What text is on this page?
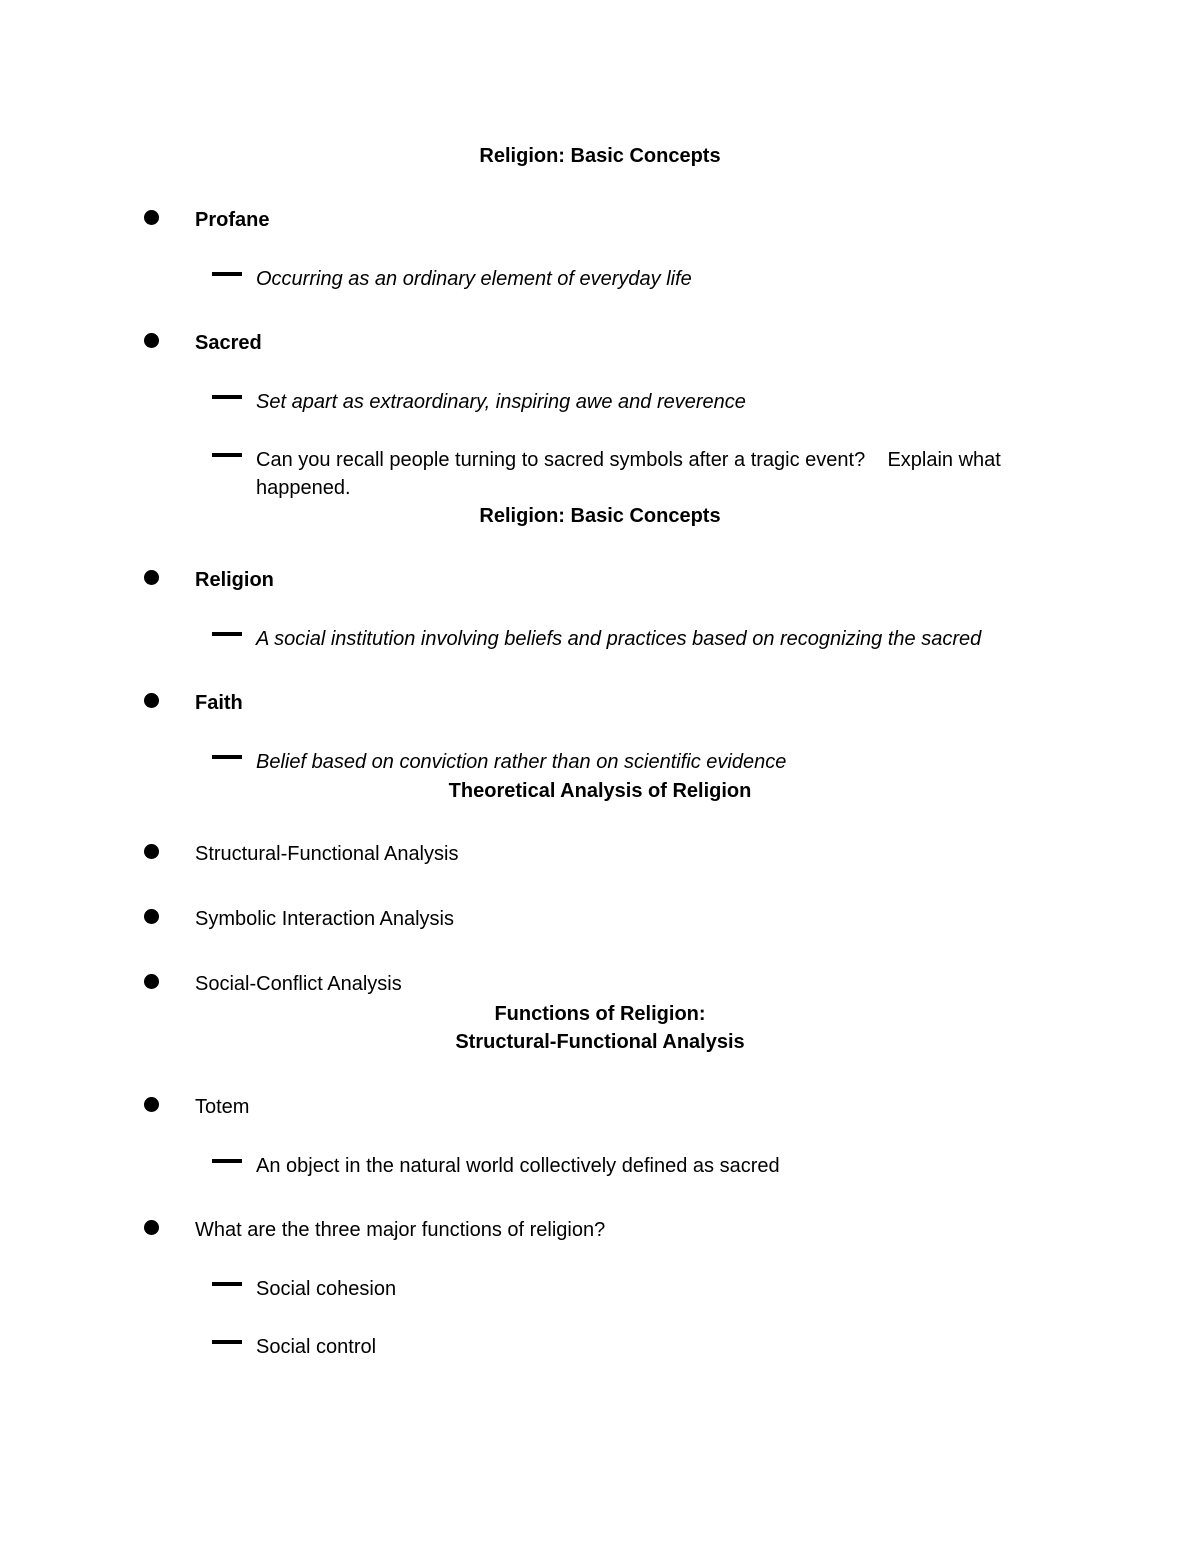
Religion: Basic Concepts
Profane
Occurring as an ordinary element of everyday life
Sacred
Set apart as extraordinary, inspiring awe and reverence
Can you recall people turning to sacred symbols after a tragic event?    Explain what happened.
Religion: Basic Concepts
Religion
A social institution involving beliefs and practices based on recognizing the sacred
Faith
Belief based on conviction rather than on scientific evidence
Theoretical Analysis of Religion
Structural-Functional Analysis
Symbolic Interaction Analysis
Social-Conflict Analysis
Functions of Religion:
Structural-Functional Analysis
Totem
An object in the natural world collectively defined as sacred
What are the three major functions of religion?
Social cohesion
Social control
